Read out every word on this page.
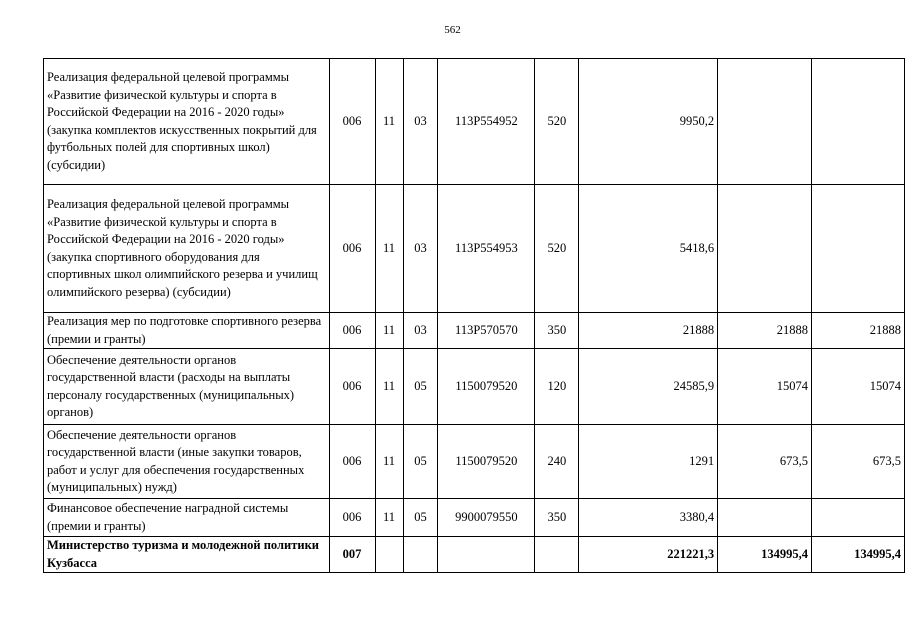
562
Реализация федеральной целевой программы «Развитие физической культуры и спорта в Российской Федерации на 2016 - 2020 годы» (закупка комплектов искусственных покрытий для футбольных полей для спортивных школ) (субсидии)	006	11	03	113Р554952	520	9950,2		
Реализация федеральной целевой программы «Развитие физической культуры и спорта в Российской Федерации на 2016 - 2020 годы» (закупка спортивного оборудования для спортивных школ олимпийского резерва и училищ олимпийского резерва) (субсидии)	006	11	03	113Р554953	520	5418,6		
Реализация мер по подготовке спортивного резерва (премии и гранты)	006	11	03	113Р570570	350	21888	21888	21888
Обеспечение деятельности органов государственной власти (расходы на выплаты персоналу государственных (муниципальных) органов)	006	11	05	1150079520	120	24585,9	15074	15074
Обеспечение деятельности органов государственной власти (иные закупки товаров, работ и услуг для обеспечения государственных (муниципальных) нужд)	006	11	05	1150079520	240	1291	673,5	673,5
Финансовое обеспечение наградной системы (премии и гранты)	006	11	05	9900079550	350	3380,4		
Министерство туризма и молодежной политики Кузбасса	007					221221,3	134995,4	134995,4
